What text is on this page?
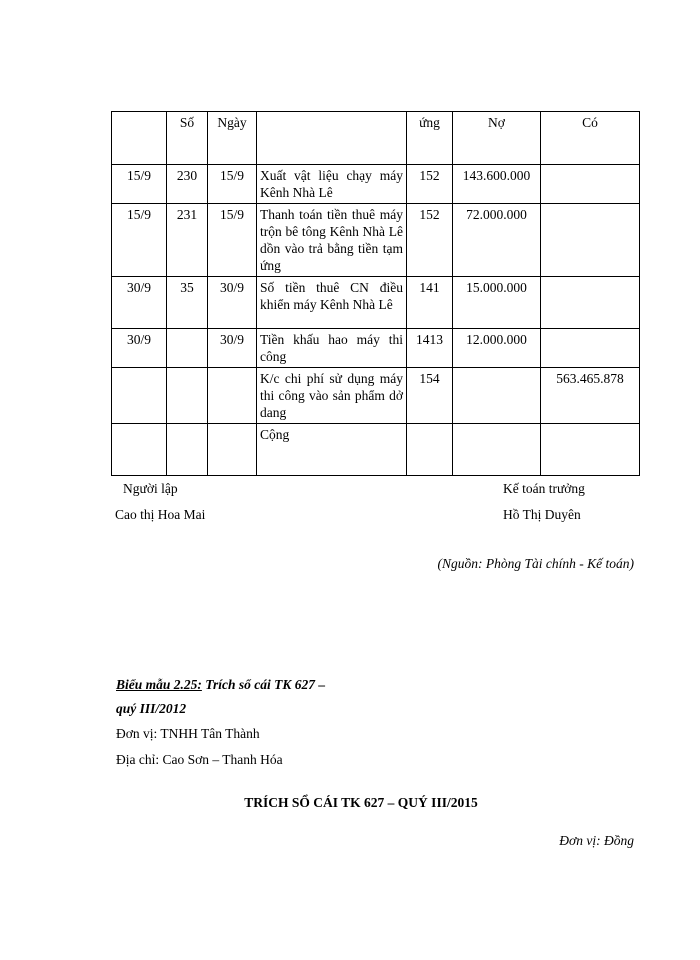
	Số	Ngày		ứng	Nợ	Có
15/9	230	15/9	Xuất vật liệu chạy máy Kênh Nhà Lê	152	143.600.000	
15/9	231	15/9	Thanh toán tiền thuê máy trộn bê tông Kênh Nhà Lê dồn vào trả bằng tiền tạm ứng	152	72.000.000	
30/9	35	30/9	Số tiền thuê CN điều khiển máy Kênh Nhà Lê	141	15.000.000	
30/9		30/9	Tiền khấu hao máy thi công	1413	12.000.000	
			K/c chi phí sử dụng máy thi công vào sản phẩm dở dang	154		563.465.878
			Cộng			
Người lập
Cao thị Hoa Mai
Kế toán trưởng
Hồ Thị Duyên
(Nguồn: Phòng Tài chính - Kế toán)
Biểu mẫu 2.25: Trích sổ cái TK 627 –
quý III/2012
Đơn vị: TNHH Tân Thành
Địa chỉ: Cao Sơn – Thanh Hóa
TRÍCH SỔ CÁI TK 627 – QUÝ III/2015
Đơn vị: Đồng
